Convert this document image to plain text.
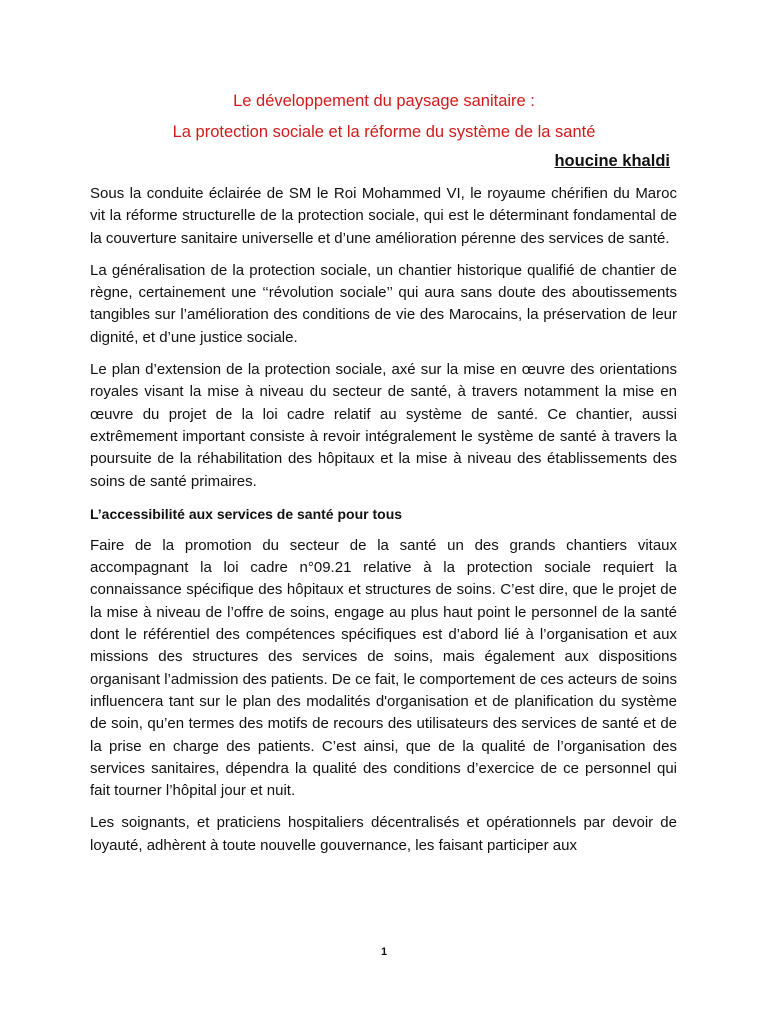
Le développement du paysage sanitaire :
La protection sociale et la réforme du système de la santé

houcine khaldi

Sous la conduite éclairée de SM le Roi Mohammed VI, le royaume chérifien du Maroc vit la réforme structurelle de la protection sociale, qui est le déterminant fondamental de la couverture sanitaire universelle et d’une amélioration pérenne des services de santé.

La généralisation de la protection sociale, un chantier historique qualifié de chantier de règne, certainement une ‘‘révolution sociale’’ qui aura sans doute des aboutissements tangibles sur l’amélioration des conditions de vie des Marocains, la préservation de leur dignité, et d’une justice sociale.

Le plan d’extension de la protection sociale, axé sur la mise en œuvre des orientations royales visant la mise à niveau du secteur de santé, à travers notamment la mise en œuvre du projet de la loi cadre relatif au système de santé. Ce chantier, aussi extrêmement important consiste à revoir intégralement le système de santé à travers la poursuite de la réhabilitation des hôpitaux et la mise à niveau des établissements des soins de santé primaires.

L’accessibilité aux services de santé pour tous

Faire de la promotion du secteur de la santé un des grands chantiers vitaux accompagnant la loi cadre n°09.21 relative à la protection sociale requiert la connaissance spécifique des hôpitaux et structures de soins. C’est dire, que le projet de la mise à niveau de l’offre de soins, engage au plus haut point le personnel de la santé dont le référentiel des compétences spécifiques est d’abord lié à l’organisation et aux missions des structures des services de soins, mais également aux dispositions organisant l’admission des patients. De ce fait, le comportement de ces acteurs de soins influencera tant sur le plan des modalités d'organisation et de planification du système de soin, qu’en termes des motifs de recours des utilisateurs des services de santé et de la prise en charge des patients. C’est ainsi, que de la qualité de l’organisation des services sanitaires, dépendra la qualité des conditions d’exercice de ce personnel qui fait tourner l’hôpital jour et nuit.

Les soignants, et praticiens hospitaliers décentralisés et opérationnels par devoir de loyauté, adhèrent à toute nouvelle gouvernance, les faisant participer aux

1
